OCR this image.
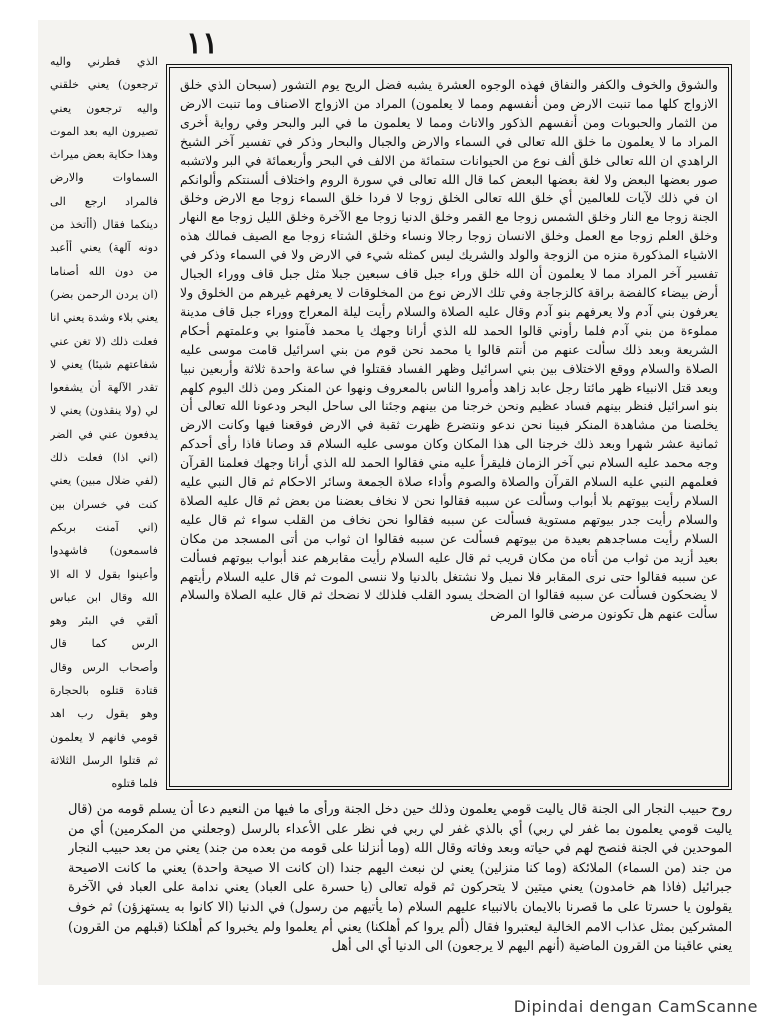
١١

الذي فطرني واليه ترجعون) يعني خلقني واليه ترجعون يعني تصيرون اليه بعد الموت وهذا حكاية بعض ميراث السماوات والارض فالمراد ارجع الى دينكما فقال (أأتخذ من دونه آلهة) يعني أأعبد من دون الله أصناما (ان يردن الرحمن بضر) يعني بلاء وشدة يعني انا فعلت ذلك (لا تغن عني شفاعتهم شيئا) يعني لا تقدر الآلهة أن يشفعوا لي (ولا ينقذون) يعني لا يدفعون عني في الضر (اني اذا) فعلت ذلك (لفي ضلال مبين) يعني كنت في خسران بين (اني آمنت بربكم فاسمعون) فاشهدوا وأعينوا بقول لا اله الا الله وقال ابن عباس ألقي في البئر وهو الرس كما قال وأصحاب الرس وقال قتادة قتلوه بالحجارة وهو يقول رب اهد قومي فانهم لا يعلمون ثم قتلوا الرسل الثلاثة فلما قتلوه

والشوق والخوف والكفر والنفاق فهذه الوجوه العشرة يشبه فضل الريح يوم التشور (سبحان الذي خلق الازواج كلها مما تنبت الارض ومن أنفسهم ومما لا يعلمون) المراد من الازواج الاصناف وما تنبت الارض من الثمار والحبوبات ومن أنفسهم الذكور والاناث ومما لا يعلمون ما في البر والبحر وفي رواية أخرى المراد ما لا يعلمون ما خلق الله تعالى في السماء والارض والجبال والبحار وذكر في تفسير آخر الشيخ الراهدي ان الله تعالى خلق ألف نوع من الحيوانات ستمائة من الالف في البحر وأربعمائة في البر ولاتشبه صور بعضها البعض ولا لغة بعضها البعض كما قال الله تعالى في سورة الروم واختلاف ألسنتكم وألوانكم ان في ذلك لآيات للعالمين أي خلق الله تعالى الخلق زوجا لا فردا خلق السماء زوجا مع الارض وخلق الجنة زوجا مع النار وخلق الشمس زوجا مع القمر وخلق الدنيا زوجا مع الآخرة وخلق الليل زوجا مع النهار وخلق العلم زوجا مع العمل وخلق الانسان زوجا رجالا ونساء وخلق الشتاء زوجا مع الصيف فمالك هذه الاشياء المذكورة منزه من الزوجة والولد والشريك ليس كمثله شيء في الارض ولا في السماء وذكر في تفسير آخر المراد مما لا يعلمون أن الله خلق وراء جبل قاف سبعين جبلا مثل جبل قاف ووراء الجبال أرض بيضاء كالفضة براقة كالزجاجة وفي تلك الارض نوع من المخلوقات لا يعرفهم غيرهم من الخلوق ولا يعرفون بني آدم ولا يعرفهم بنو آدم وقال عليه الصلاة والسلام رأيت ليلة المعراج ووراء جبل قاف مدينة مملوءة من بني آدم فلما رأوني قالوا الحمد لله الذي أرانا وجهك يا محمد فآمنوا بي وعلمتهم أحكام الشريعة وبعد ذلك سألت عنهم من أنتم قالوا يا محمد نحن قوم من بني اسرائيل قامت موسى عليه الصلاة والسلام ووقع الاختلاف بين بني اسرائيل وظهر الفساد فقتلوا في ساعة واحدة ثلاثة وأربعين نبيا وبعد قتل الانبياء ظهر مائتا رجل عابد زاهد وأمروا الناس بالمعروف ونهوا عن المنكر ومن ذلك اليوم كلهم بنو اسرائيل فنظر بينهم فساد عظيم ونحن خرجنا من بينهم وجئنا الى ساحل البحر ودعونا الله تعالى أن يخلصنا من مشاهدة المنكر فبينا نحن ندعو ونتضرع ظهرت ثقبة في الارض فوقعنا فيها وكانت الارض ثمانية عشر شهرا وبعد ذلك خرجنا الى هذا المكان وكان موسى عليه السلام قد وصانا فاذا رأى أحدكم وجه محمد عليه السلام نبي آخر الزمان فليقرأ عليه مني فقالوا الحمد لله الذي أرانا وجهك فعلمنا القرآن فعلمهم النبي عليه السلام القرآن والصلاة والصوم وأداء صلاة الجمعة وسائر الاحكام ثم قال النبي عليه السلام رأيت بيوتهم بلا أبواب وسألت عن سببه فقالوا نحن لا نخاف بعضنا من بعض ثم قال عليه الصلاة والسلام رأيت جدر بيوتهم مستوية فسألت عن سببه فقالوا نحن نخاف من القلب سواء ثم قال عليه السلام رأيت مساجدهم بعيدة من بيوتهم فسألت عن سببه فقالوا ان ثواب من أتى المسجد من مكان بعيد أزيد من ثواب من أتاه من مكان قريب ثم قال عليه السلام رأيت مقابرهم عند أبواب بيوتهم فسألت عن سببه فقالوا حتى نرى المقابر فلا نميل ولا نشتغل بالدنيا ولا ننسى الموت ثم قال عليه السلام رأيتهم لا يضحكون فسألت عن سببه فقالوا ان الضحك يسود القلب فلذلك لا نضحك ثم قال عليه الصلاة والسلام سألت عنهم هل تكونون مرضى قالوا المرض

روح حبيب النجار الى الجنة قال ياليت قومي يعلمون وذلك حين دخل الجنة ورأى ما فيها من النعيم دعا أن يسلم قومه من (قال ياليت قومي يعلمون بما غفر لي ربي) أي بالذي غفر لي ربي في نظر على الأعداء بالرسل (وجعلني من المكرمين) أي من الموحدين في الجنة فنصح لهم في حياته وبعد وفاته وقال الله (وما أنزلنا على قومه من بعده من جند) يعني من بعد حبيب النجار من جند (من السماء) الملائكة (وما كنا منزلين) يعني لن نبعث اليهم جندا (ان كانت الا صيحة واحدة) يعني ما كانت الاصيحة جبرائيل (فاذا هم خامدون) يعني ميتين لا يتحركون ثم قوله تعالى (يا حسرة على العباد) يعني ندامة على العباد في الآخرة يقولون يا حسرتا على ما قصرنا بالايمان بالانبياء عليهم السلام (ما يأتيهم من رسول) في الدنيا (الا كانوا به يستهزؤن) ثم خوف المشركين بمثل عذاب الامم الخالية ليعتبروا فقال (ألم يروا كم أهلكنا) يعني أم يعلموا ولم يخبروا كم أهلكنا (قبلهم من القرون) يعني عاقبنا من القرون الماضية (أنهم اليهم لا يرجعون) الى الدنيا أي الى أهل

Dipindai dengan CamScanne
